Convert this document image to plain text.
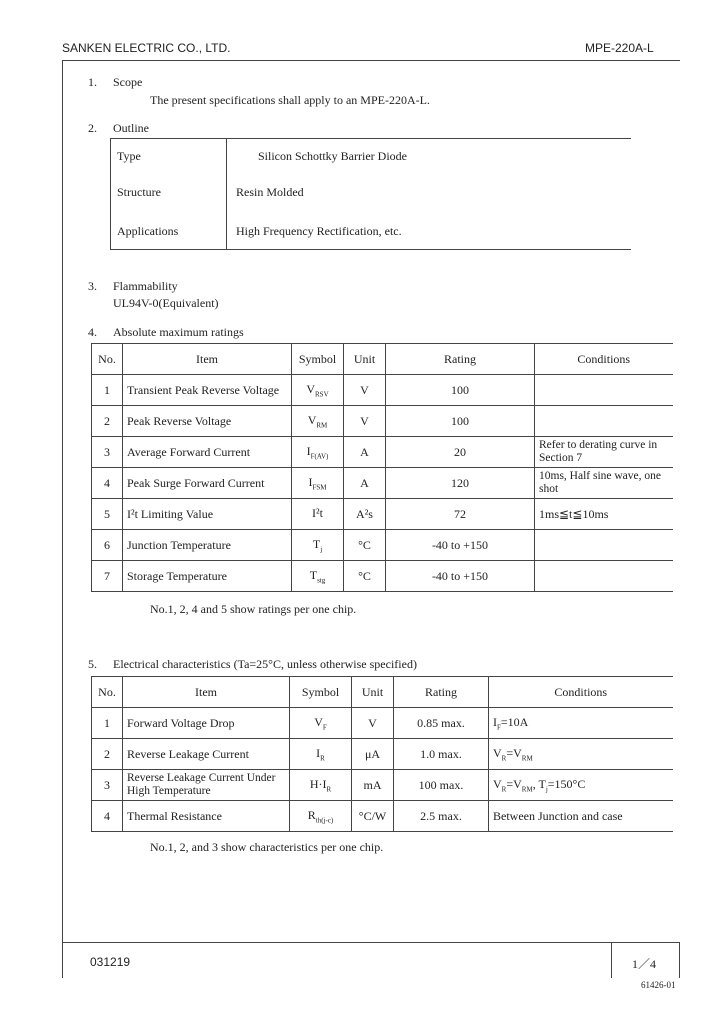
SANKEN ELECTRIC CO., LTD.	MPE-220A-L
1. Scope
The present specifications shall apply to an MPE-220A-L.
2. Outline
Type	Silicon Schottky Barrier Diode
Structure	Resin Molded
Applications	High Frequency Rectification, etc.
3. Flammability
UL94V-0(Equivalent)
4. Absolute maximum ratings
No.	Item	Symbol	Unit	Rating	Conditions
1	Transient Peak Reverse Voltage	$V_{RSV}$	V	100	
2	Peak Reverse Voltage	$V_{RM}$	V	100	
3	Average Forward Current	$I_{F(AV)}$	A	20	Refer to derating curve in Section 7
4	Peak Surge Forward Current	$I_{FSM}$	A	120	10ms, Half sine wave, one shot
5	I²t Limiting Value	I²t	A²s	72	1ms≦t≦10ms
6	Junction Temperature	$T_j$	°C	-40 to +150	
7	Storage Temperature	$T_{stg}$	°C	-40 to +150	
No.1, 2, 4 and 5 show ratings per one chip.
5. Electrical characteristics (Ta=25°C, unless otherwise specified)
No.	Item	Symbol	Unit	Rating	Conditions
1	Forward Voltage Drop	$V_F$	V	0.85 max.	$I_F=10A$
2	Reverse Leakage Current	$I_R$	μA	1.0 max.	$V_R=V_{RM}$
3	Reverse Leakage Current Under High Temperature	$H\cdot I_R$	mA	100 max.	$V_R=V_{RM}$, $T_j=150^\circ C$
4	Thermal Resistance	$R_{th(j-c)}$	°C/W	2.5 max.	Between Junction and case
No.1, 2, and 3 show characteristics per one chip.
031219	1／4
61426-01
